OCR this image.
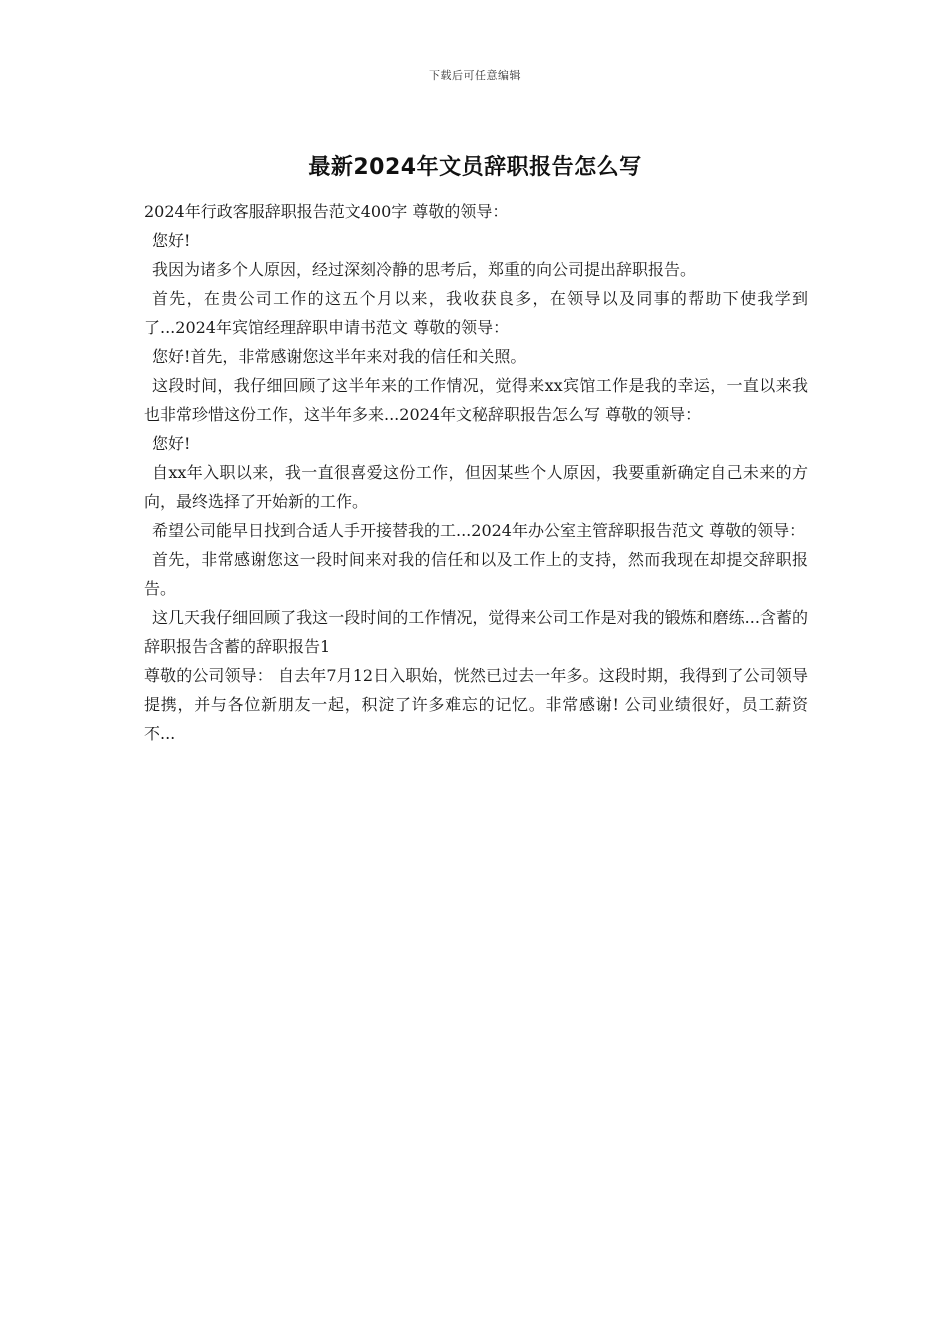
下载后可任意编辑
最新2024年文员辞职报告怎么写

2024年行政客服辞职报告范文400字 尊敬的领导：

您好!

我因为诸多个人原因，经过深刻冷静的思考后，郑重的向公司提出辞职报告。

首先，在贵公司工作的这五个月以来，我收获良多，在领导以及同事的帮助下使我学到了...2024年宾馆经理辞职申请书范文 尊敬的领导：

您好!首先，非常感谢您这半年来对我的信任和关照。

这段时间，我仔细回顾了这半年来的工作情况，觉得来xx宾馆工作是我的幸运，一直以来我也非常珍惜这份工作，这半年多来...2024年文秘辞职报告怎么写 尊敬的领导：

您好!

自xx年入职以来，我一直很喜爱这份工作，但因某些个人原因，我要重新确定自己未来的方向，最终选择了开始新的工作。

希望公司能早日找到合适人手开接替我的工...2024年办公室主管辞职报告范文 尊敬的领导：

首先，非常感谢您这一段时间来对我的信任和以及工作上的支持，然而我现在却提交辞职报告。

这几天我仔细回顾了我这一段时间的工作情况，觉得来公司工作是对我的锻炼和磨练...含蓄的辞职报告含蓄的辞职报告1

尊敬的公司领导： 自去年7月12日入职始，恍然已过去一年多。这段时期，我得到了公司领导提携，并与各位新朋友一起，积淀了许多难忘的记忆。非常感谢! 公司业绩很好，员工薪资不...
